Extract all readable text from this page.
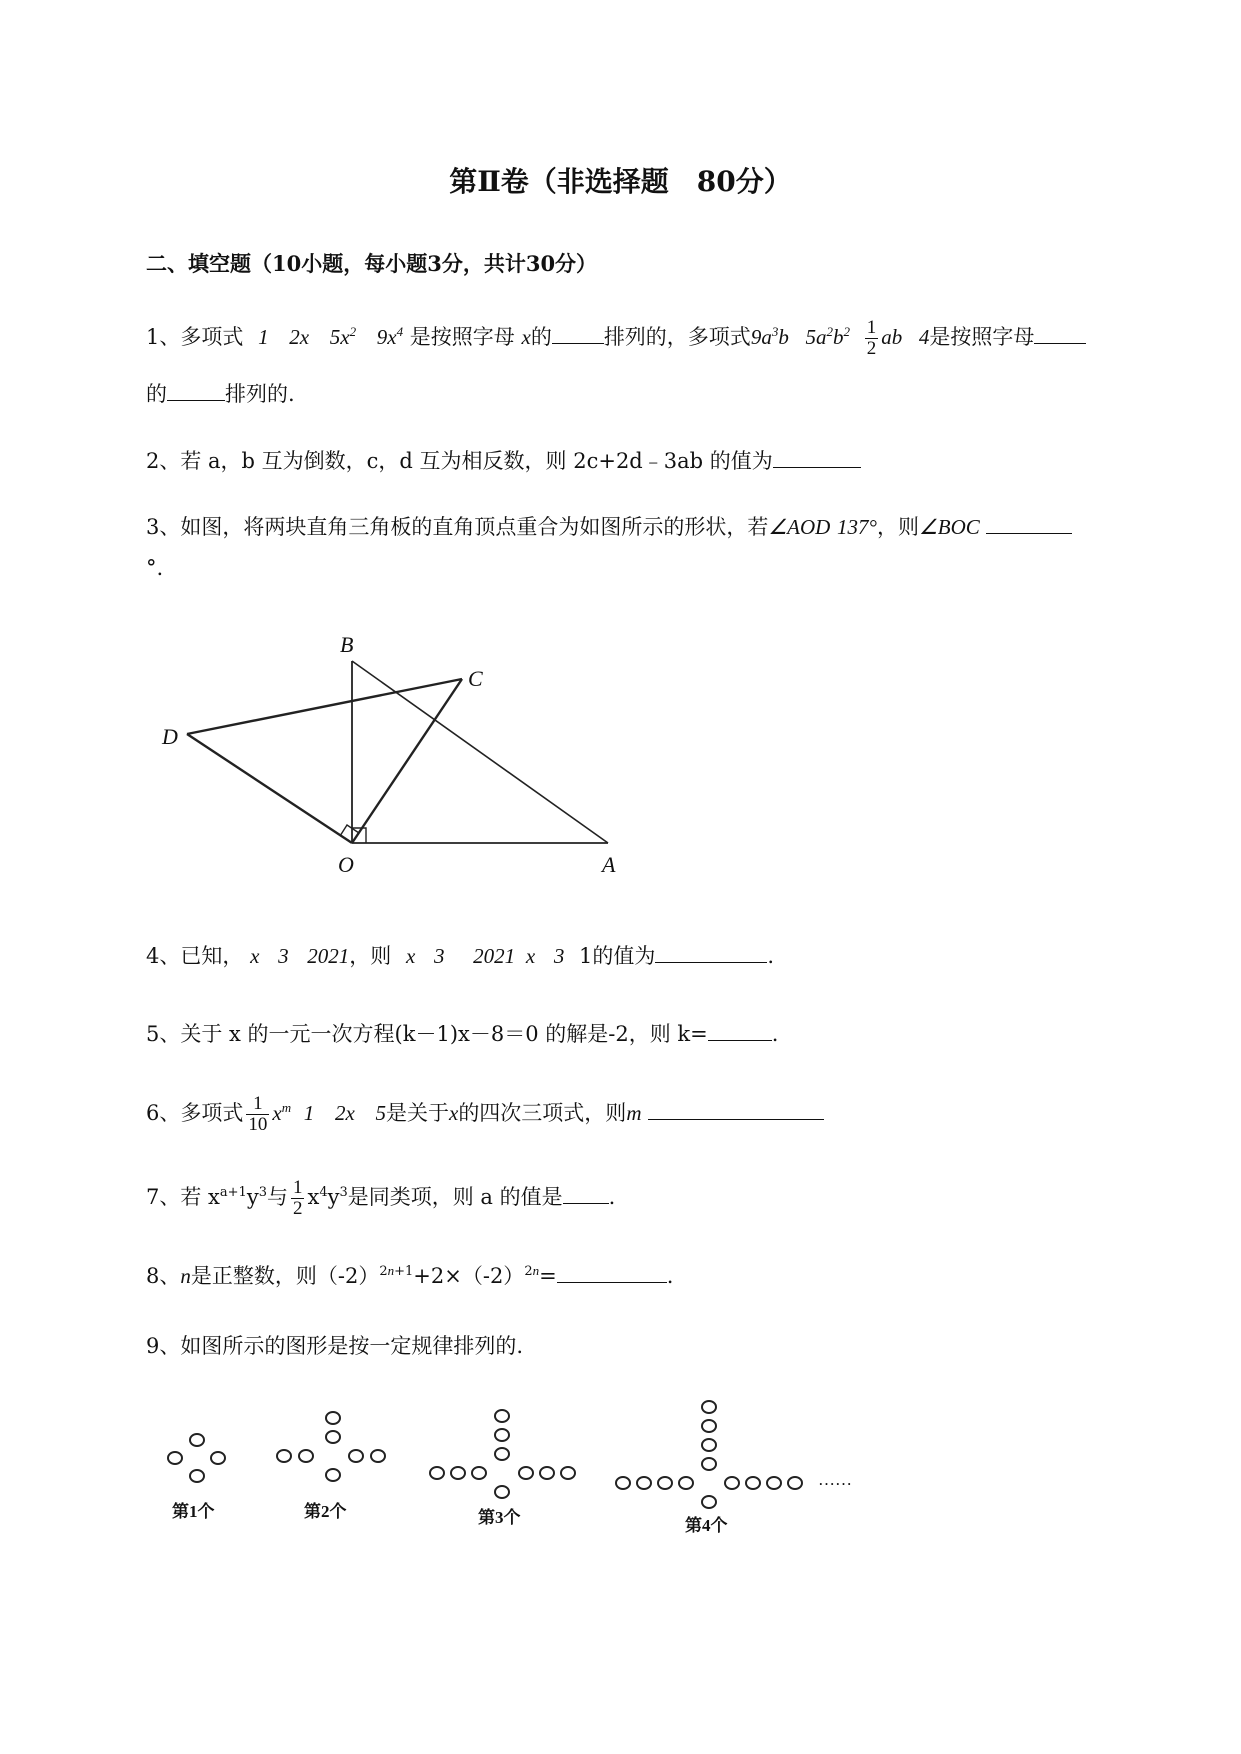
第Ⅱ卷（非选择题　80分）
二、填空题（10小题，每小题3分，共计30分）
1、多项式 1 2x $5x^2$ $9x^4$ 是按照字母 x的 排列的，多项式$9a^3b$ $5a^2b^2 \frac{1}{2}$ ab 4是按照字母
的	排列的.
2、若 a，b 互为倒数，c，d 互为相反数，则 2c+2d﹣3ab 的值为
3、如图，将两块直角三角板的直角顶点重合为如图所示的形状，若∠AOD 137°，则∠BOC
°.
B
C
D
O	A
4、已知， x 3 2021，则 x 3 2021 x 3 1的值为	.
5、关于 x 的一元一次方程(k－1)x－8＝0 的解是-2，则 k=	.
6、多项式 $\frac{1}{10} x^m$ 1 2x 5是关于x的四次三项式，则m
7、若 $x^{a+1}y^3$与 $\frac{1}{2} x^4y^3$是同类项，则 a 的值是 .
8、n是正整数，则$(-2)^{2n+1}+2\times(-2)^{2n}=$	.
9、如图所示的图形是按一定规律排列的.
第1个	第2个	第3个	第4个
……
